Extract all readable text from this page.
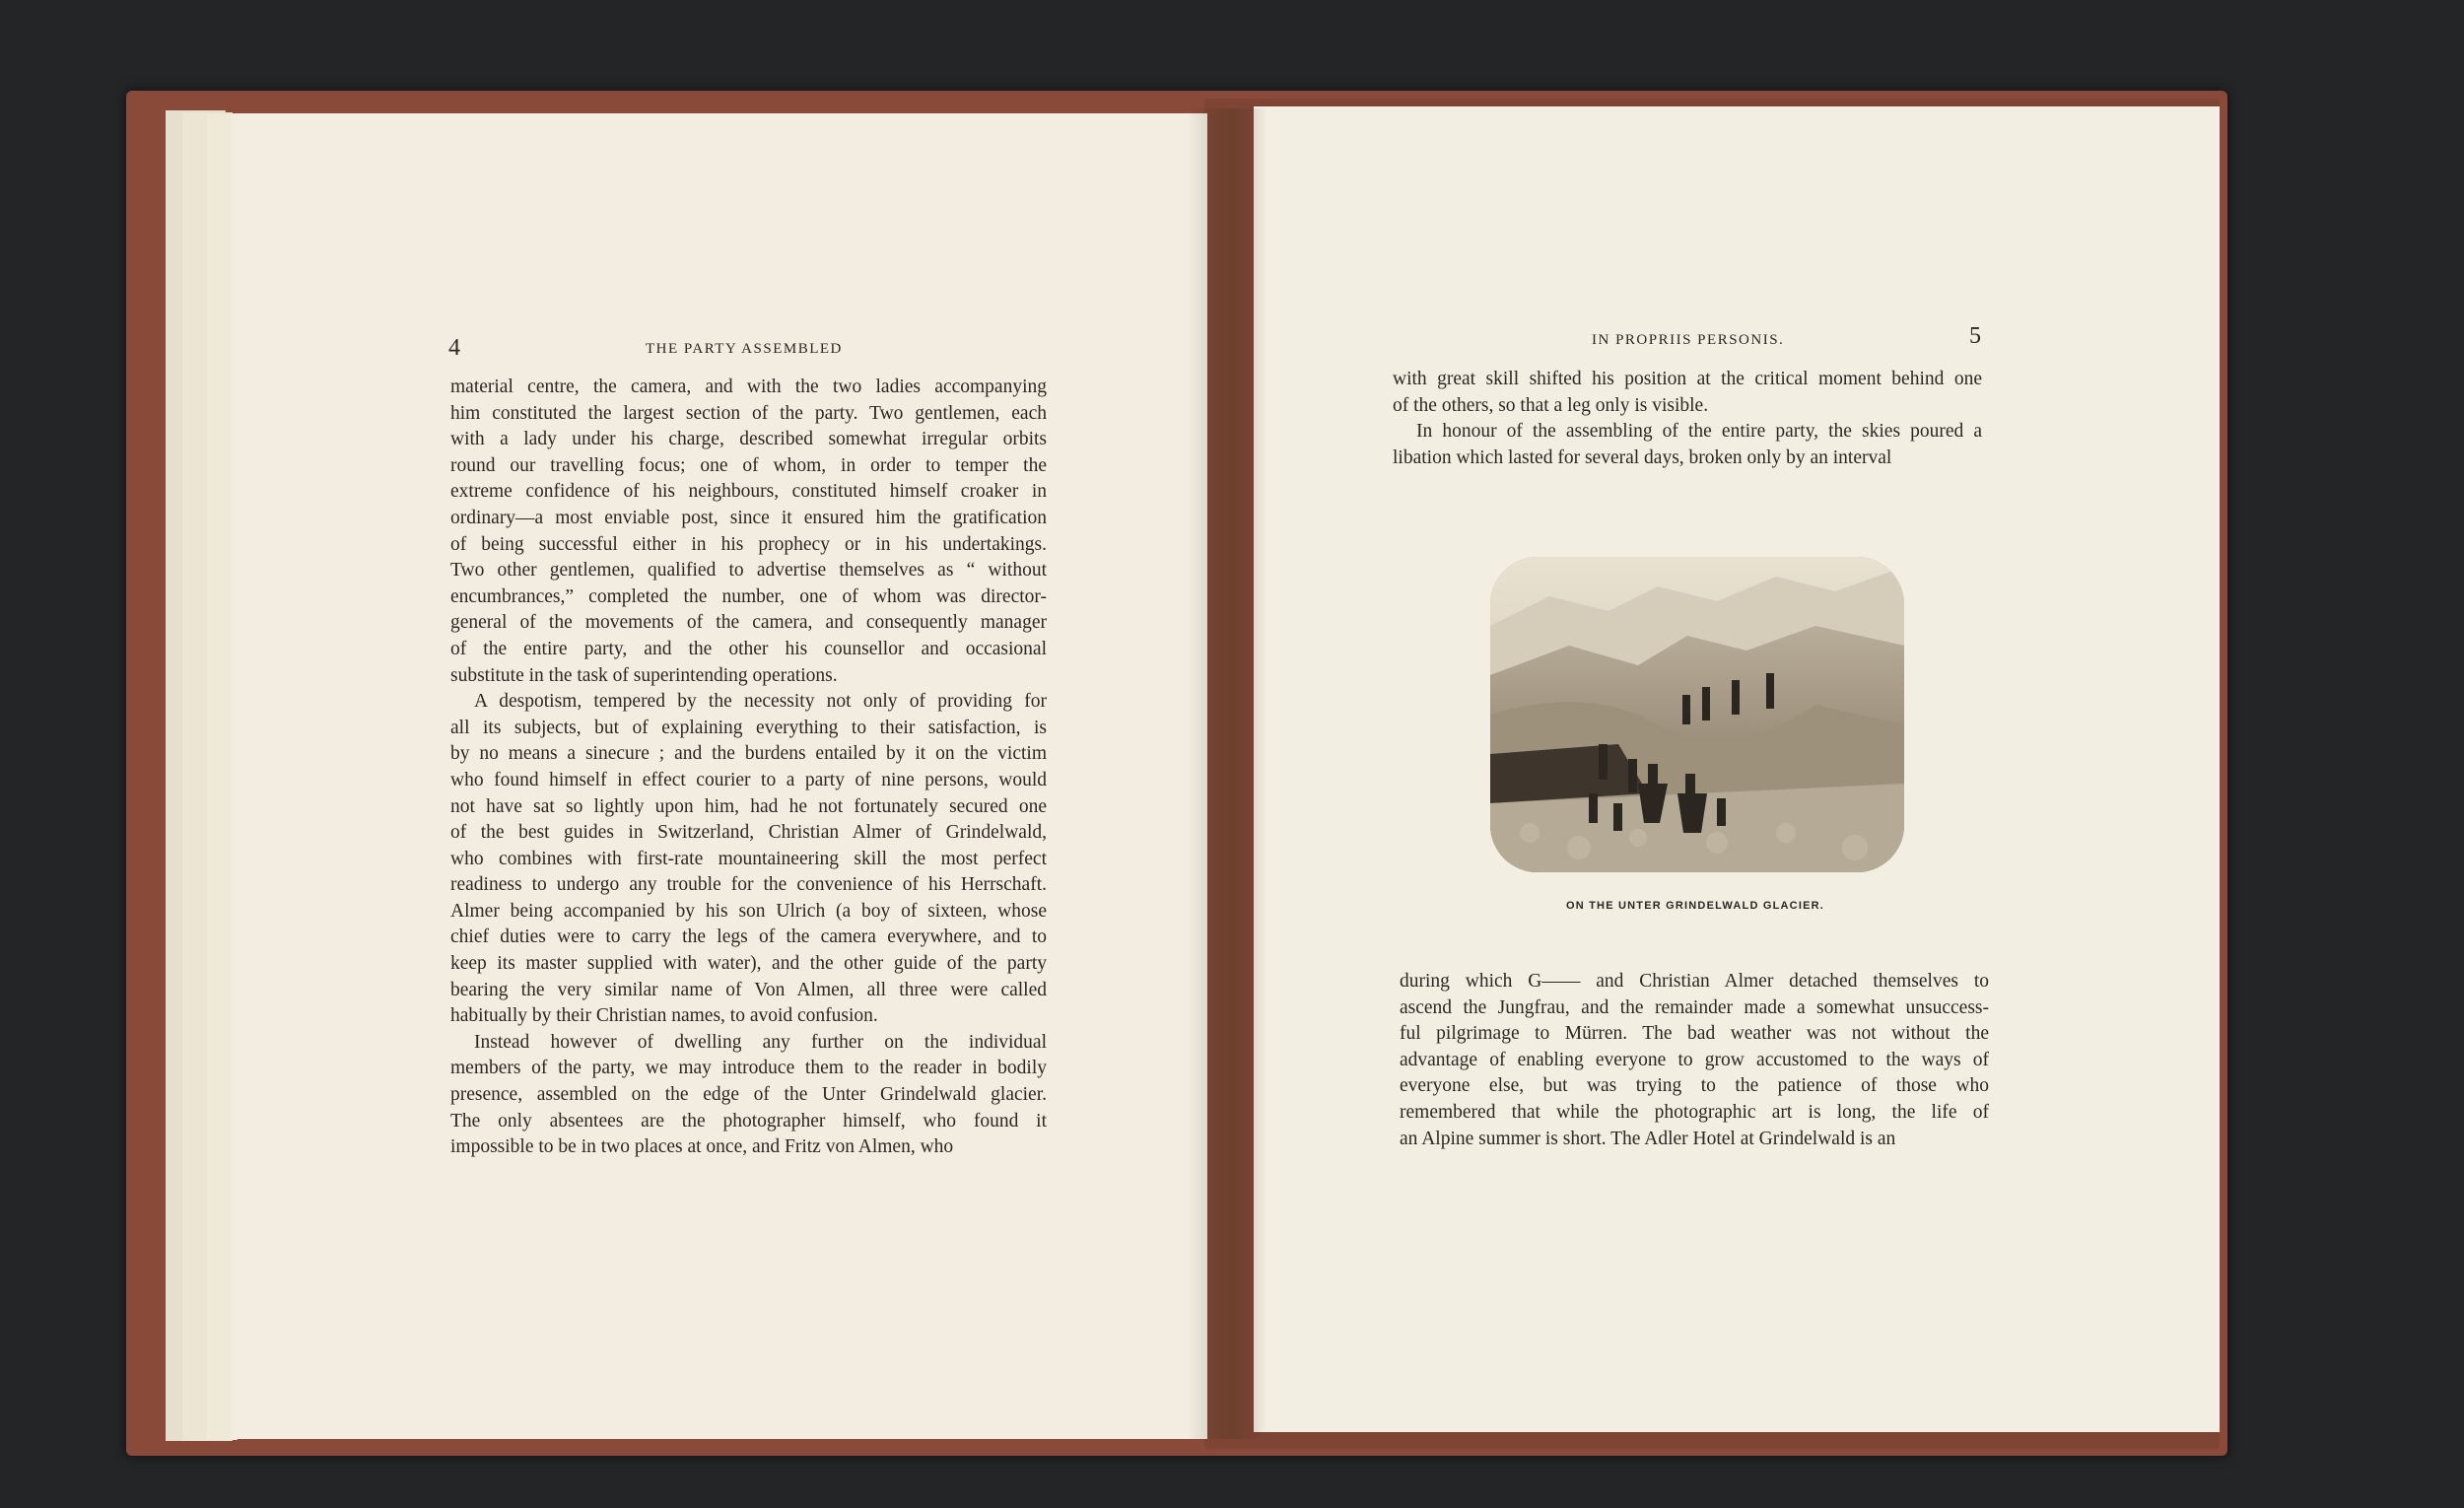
4	THE PARTY ASSEMBLED
material centre, the camera, and with the two ladies accompanying
him constituted the largest section of the party. Two gentlemen, each
with a lady under his charge, described somewhat irregular orbits
round our travelling focus; one of whom, in order to temper the
extreme confidence of his neighbours, constituted himself croaker in
ordinary—a most enviable post, since it ensured him the gratification
of being successful either in his prophecy or in his undertakings.
Two other gentlemen, qualified to advertise themselves as “ without
encumbrances,” completed the number, one of whom was director-
general of the movements of the camera, and consequently manager
of the entire party, and the other his counsellor and occasional
substitute in the task of superintending operations.
A despotism, tempered by the necessity not only of providing for
all its subjects, but of explaining everything to their satisfaction, is
by no means a sinecure ; and the burdens entailed by it on the victim
who found himself in effect courier to a party of nine persons, would
not have sat so lightly upon him, had he not fortunately secured one
of the best guides in Switzerland, Christian Almer of Grindelwald,
who combines with first-rate mountaineering skill the most perfect
readiness to undergo any trouble for the convenience of his Herrschaft.
Almer being accompanied by his son Ulrich (a boy of sixteen, whose
chief duties were to carry the legs of the camera everywhere, and to
keep its master supplied with water), and the other guide of the party
bearing the very similar name of Von Almen, all three were called
habitually by their Christian names, to avoid confusion.
Instead however of dwelling any further on the individual
members of the party, we may introduce them to the reader in bodily
presence, assembled on the edge of the Unter Grindelwald glacier.
The only absentees are the photographer himself, who found it
impossible to be in two places at once, and Fritz von Almen, who
IN PROPRIIS PERSONIS.	5
with great skill shifted his position at the critical moment behind one
of the others, so that a leg only is visible.
In honour of the assembling of the entire party, the skies poured a
libation which lasted for several days, broken only by an interval
ON THE UNTER GRINDELWALD GLACIER.
during which G—— and Christian Almer detached themselves to
ascend the Jungfrau, and the remainder made a somewhat unsuccess-
ful pilgrimage to Mürren. The bad weather was not without the
advantage of enabling everyone to grow accustomed to the ways of
everyone else, but was trying to the patience of those who
remembered that while the photographic art is long, the life of
an Alpine summer is short. The Adler Hotel at Grindelwald is an
